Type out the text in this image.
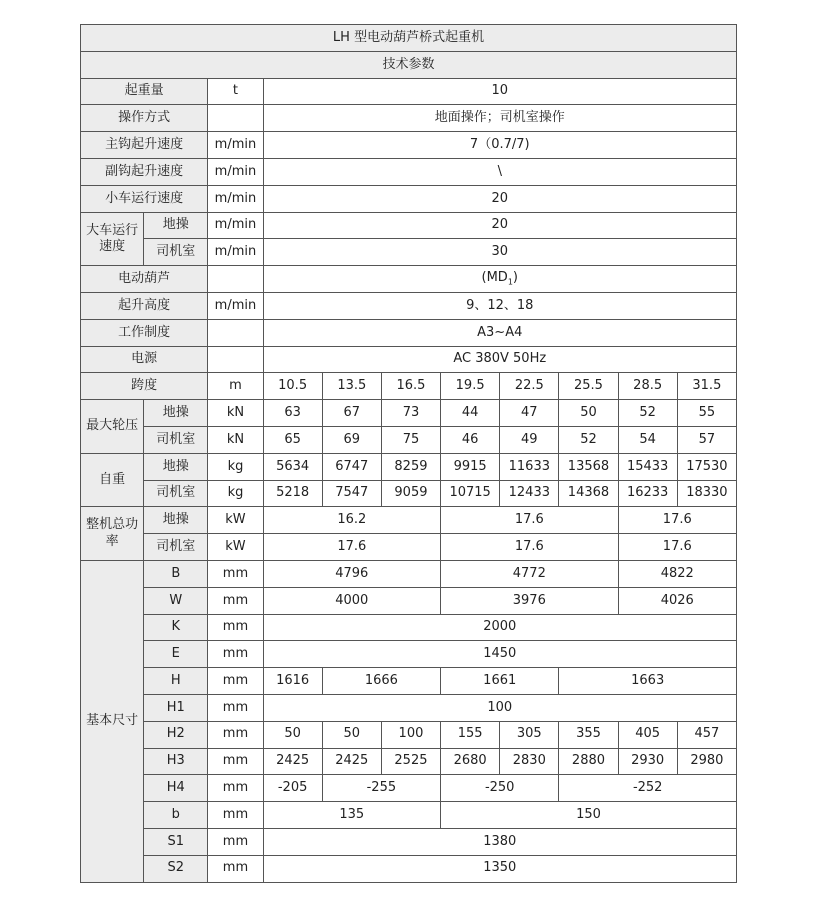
LH 型电动葫芦桥式起重机										
技术参数										
起重量		t	10							
操作方式			地面操作；司机室操作							
主钩起升速度		m/min	7（0.7/7)							
副钩起升速度		m/min	\							
小车运行速度		m/min	20							
大车运行速度	地操	m/min	20							
	司机室	m/min	30							
电动葫芦			$(MD_1)$							
起升高度		m/min	9、12、18							
工作制度			A3~A4							
电源			AC 380V 50Hz							
跨度		m	10.5	13.5	16.5	19.5	22.5	25.5	28.5	31.5
最大轮压	地操	kN	63	67	73	44	47	50	52	55
	司机室	kN	65	69	75	46	49	52	54	57
自重	地操	kg	5634	6747	8259	9915	11633	13568	15433	17530
	司机室	kg	5218	7547	9059	10715	12433	14368	16233	18330
整机总功率	地操	kW	16.2			17.6			17.6	
	司机室	kW	17.6			17.6			17.6	
基本尺寸	B	mm	4796			4772			4822	
	W	mm	4000			3976			4026	
	K	mm	2000							
	E	mm	1450							
	H	mm	1616	1666		1661		1663		
	H1	mm	100							
	H2	mm	50	50	100	155	305	355	405	457
	H3	mm	2425	2425	2525	2680	2830	2880	2930	2980
	H4	mm	-205	-255		-250		-252		
	b	mm	135			150				
	S1	mm	1380							
	S2	mm	1350							
